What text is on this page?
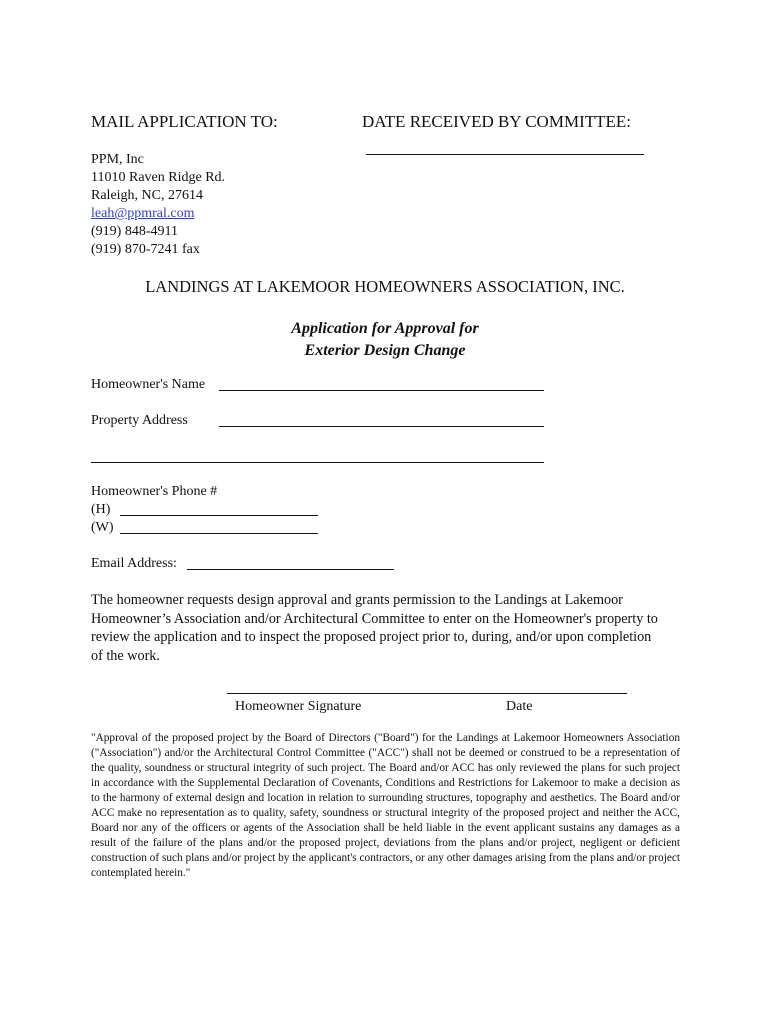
MAIL APPLICATION TO:	DATE RECEIVED BY COMMITTEE:
PPM, Inc
11010 Raven Ridge Rd.
Raleigh, NC, 27614
leah@ppmral.com
(919) 848-4911
(919) 870-7241 fax
LANDINGS AT LAKEMOOR HOMEOWNERS ASSOCIATION, INC.
Application for Approval for
Exterior Design Change
Homeowner's Name
Property Address
Homeowner's Phone #
(H)
(W)
Email Address:
The homeowner requests design approval and grants permission to the Landings at Lakemoor Homeowner’s Association and/or Architectural Committee to enter on the Homeowner's property to review the application and to inspect the proposed project prior to, during, and/or upon completion of the work.
Homeowner Signature	Date
"Approval of the proposed project by the Board of Directors ("Board") for the Landings at Lakemoor Homeowners Association ("Association") and/or the Architectural Control Committee ("ACC") shall not be deemed or construed to be a representation of the quality, soundness or structural integrity of such project. The Board and/or ACC has only reviewed the plans for such project in accordance with the Supplemental Declaration of Covenants, Conditions and Restrictions for Lakemoor to make a decision as to the harmony of external design and location in relation to surrounding structures, topography and aesthetics. The Board and/or ACC make no representation as to quality, safety, soundness or structural integrity of the proposed project and neither the ACC, Board nor any of the officers or agents of the Association shall be held liable in the event applicant sustains any damages as a result of the failure of the plans and/or the proposed project, deviations from the plans and/or project, negligent or deficient construction of such plans and/or project by the applicant's contractors, or any other damages arising from the plans and/or project contemplated herein."
